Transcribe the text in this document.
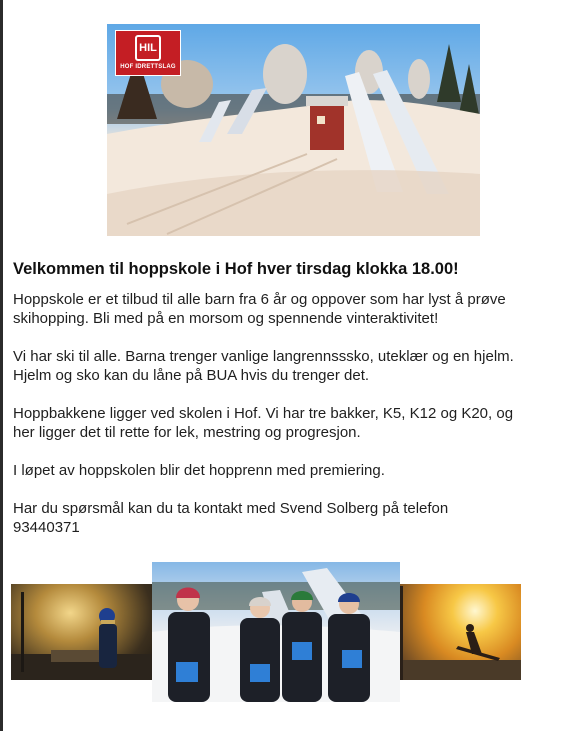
HIL
HOF IDRETTSLAG
Velkommen til hoppskole i Hof hver tirsdag klokka 18.00!

Hoppskole er et tilbud til alle barn fra 6 år og oppover som har lyst å prøve
skihopping. Bli med på en morsom og spennende vinteraktivitet!

Vi har ski til alle. Barna trenger vanlige langrennsssko, uteklær og en hjelm.
Hjelm og sko kan du låne på BUA hvis du trenger det.

Hoppbakkene ligger ved skolen i Hof. Vi har tre bakker, K5, K12 og K20, og
her ligger det til rette for lek, mestring og progresjon.

I løpet av hoppskolen blir det hopprenn med premiering.

Har du spørsmål kan du ta kontakt med Svend Solberg på telefon
93440371
